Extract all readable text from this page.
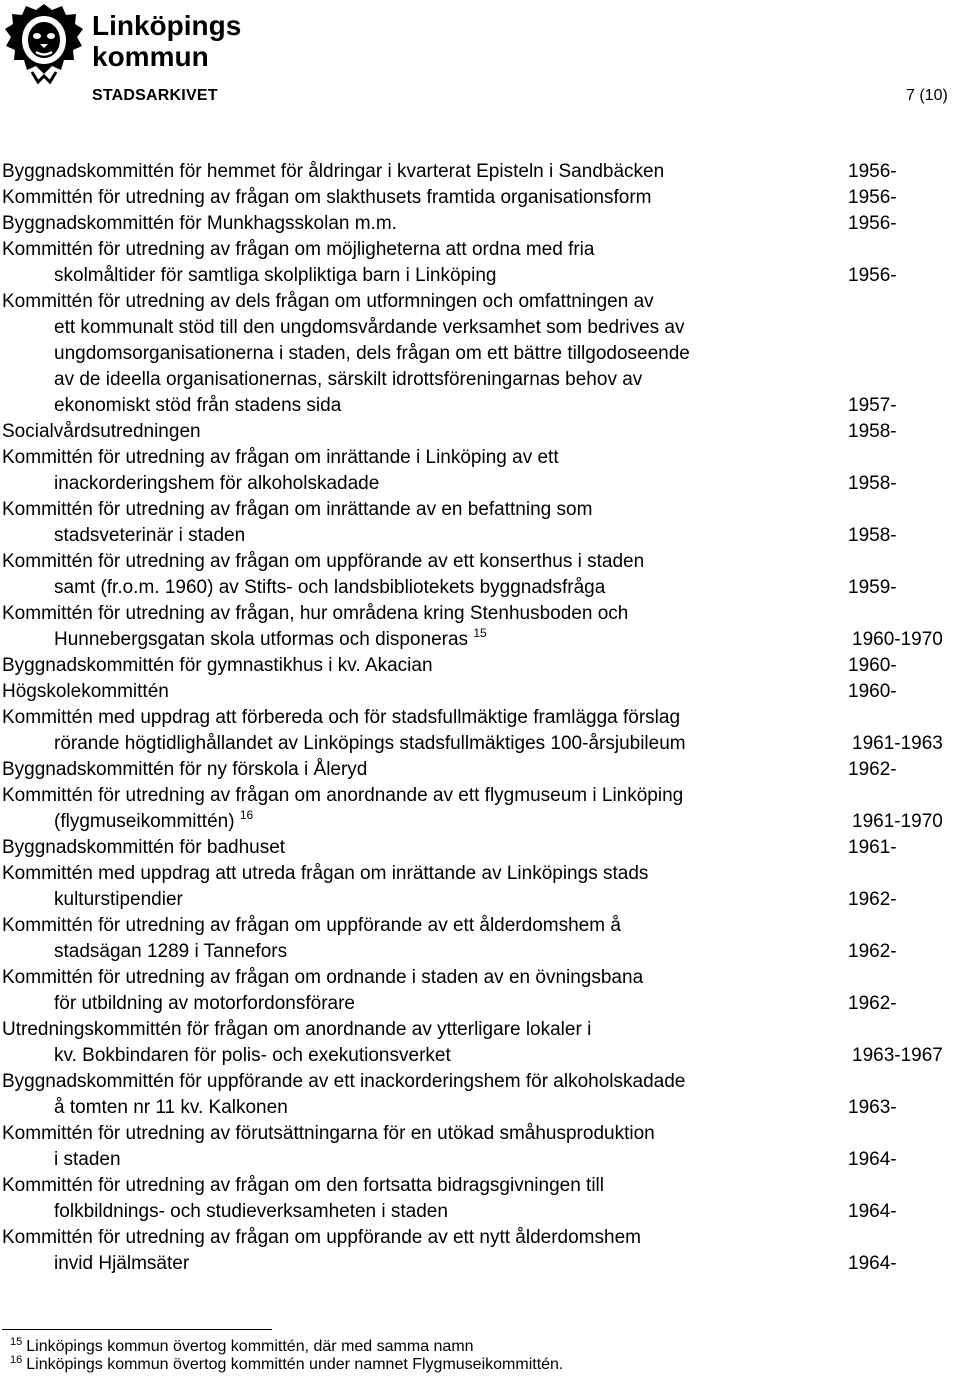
Linköpings
kommun
STADSARKIVET	7 (10)
Byggnadskommittén för hemmet för åldringar i kvarterat Episteln i Sandbäcken	1956-
Kommittén för utredning av frågan om slakthusets framtida organisationsform	1956-
Byggnadskommittén för Munkhagsskolan m.m.	1956-
Kommittén för utredning av frågan om möjligheterna att ordna med fria
skolmåltider för samtliga skolpliktiga barn i Linköping	1956-
Kommittén för utredning av dels frågan om utformningen och omfattningen av
ett kommunalt stöd till den ungdomsvårdande verksamhet som bedrives av
ungdomsorganisationerna i staden, dels frågan om ett bättre tillgodoseende
av de ideella organisationernas, särskilt idrottsföreningarnas behov av
ekonomiskt stöd från stadens sida	1957-
Socialvårdsutredningen	1958-
Kommittén för utredning av frågan om inrättande i Linköping av ett
inackorderingshem för alkoholskadade	1958-
Kommittén för utredning av frågan om inrättande av en befattning som
stadsveterinär i staden	1958-
Kommittén för utredning av frågan om uppförande av ett konserthus i staden
samt (fr.o.m. 1960) av Stifts- och landsbibliotekets byggnadsfråga	1959-
Kommittén för utredning av frågan, hur områdena kring Stenhusboden och
Hunnebergsgatan skola utformas och disponeras $^{15}$	1960-1970
Byggnadskommittén för gymnastikhus i kv. Akacian	1960-
Högskolekommittén	1960-
Kommittén med uppdrag att förbereda och för stadsfullmäktige framlägga förslag
rörande högtidlighållandet av Linköpings stadsfullmäktiges 100-årsjubileum	1961-1963
Byggnadskommittén för ny förskola i Åleryd	1962-
Kommittén för utredning av frågan om anordnande av ett flygmuseum i Linköping
(flygmuseikommittén) $^{16}$	1961-1970
Byggnadskommittén för badhuset	1961-
Kommittén med uppdrag att utreda frågan om inrättande av Linköpings stads
kulturstipendier	1962-
Kommittén för utredning av frågan om uppförande av ett ålderdomshem å
stadsägan 1289 i Tannefors	1962-
Kommittén för utredning av frågan om ordnande i staden av en övningsbana
för utbildning av motorfordonsförare	1962-
Utredningskommittén för frågan om anordnande av ytterligare lokaler i
kv. Bokbindaren för polis- och exekutionsverket	1963-1967
Byggnadskommittén för uppförande av ett inackorderingshem för alkoholskadade
å tomten nr 11 kv. Kalkonen	1963-
Kommittén för utredning av förutsättningarna för en utökad småhusproduktion
i staden	1964-
Kommittén för utredning av frågan om den fortsatta bidragsgivningen till
folkbildnings- och studieverksamheten i staden	1964-
Kommittén för utredning av frågan om uppförande av ett nytt ålderdomshem
invid Hjälmsäter	1964-
$^{15}$ Linköpings kommun övertog kommittén, där med samma namn
$^{16}$ Linköpings kommun övertog kommittén under namnet Flygmuseikommittén.
